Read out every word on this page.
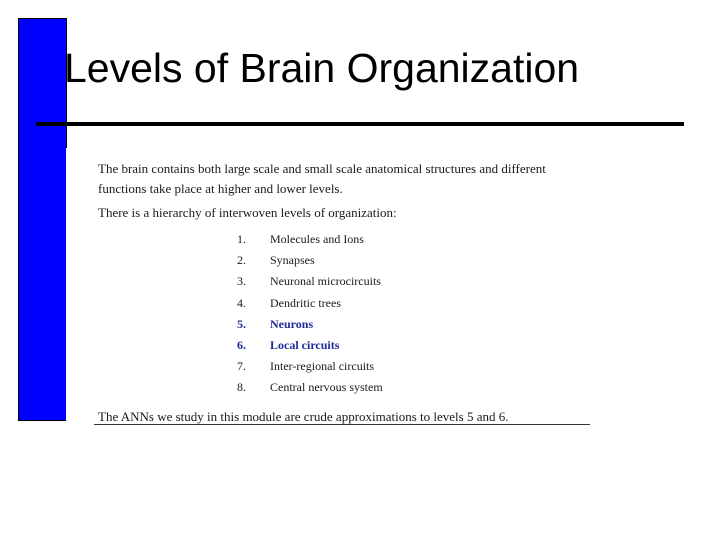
Levels of Brain Organization
The brain contains both large scale and small scale anatomical structures and different
functions take place at higher and lower levels.
There is a hierarchy of interwoven levels of organization:
1. Molecules and Ions
2. Synapses
3. Neuronal microcircuits
4. Dendritic trees
5. Neurons
6. Local circuits
7. Inter-regional circuits
8. Central nervous system
The ANNs we study in this module are crude approximations to levels 5 and 6.
